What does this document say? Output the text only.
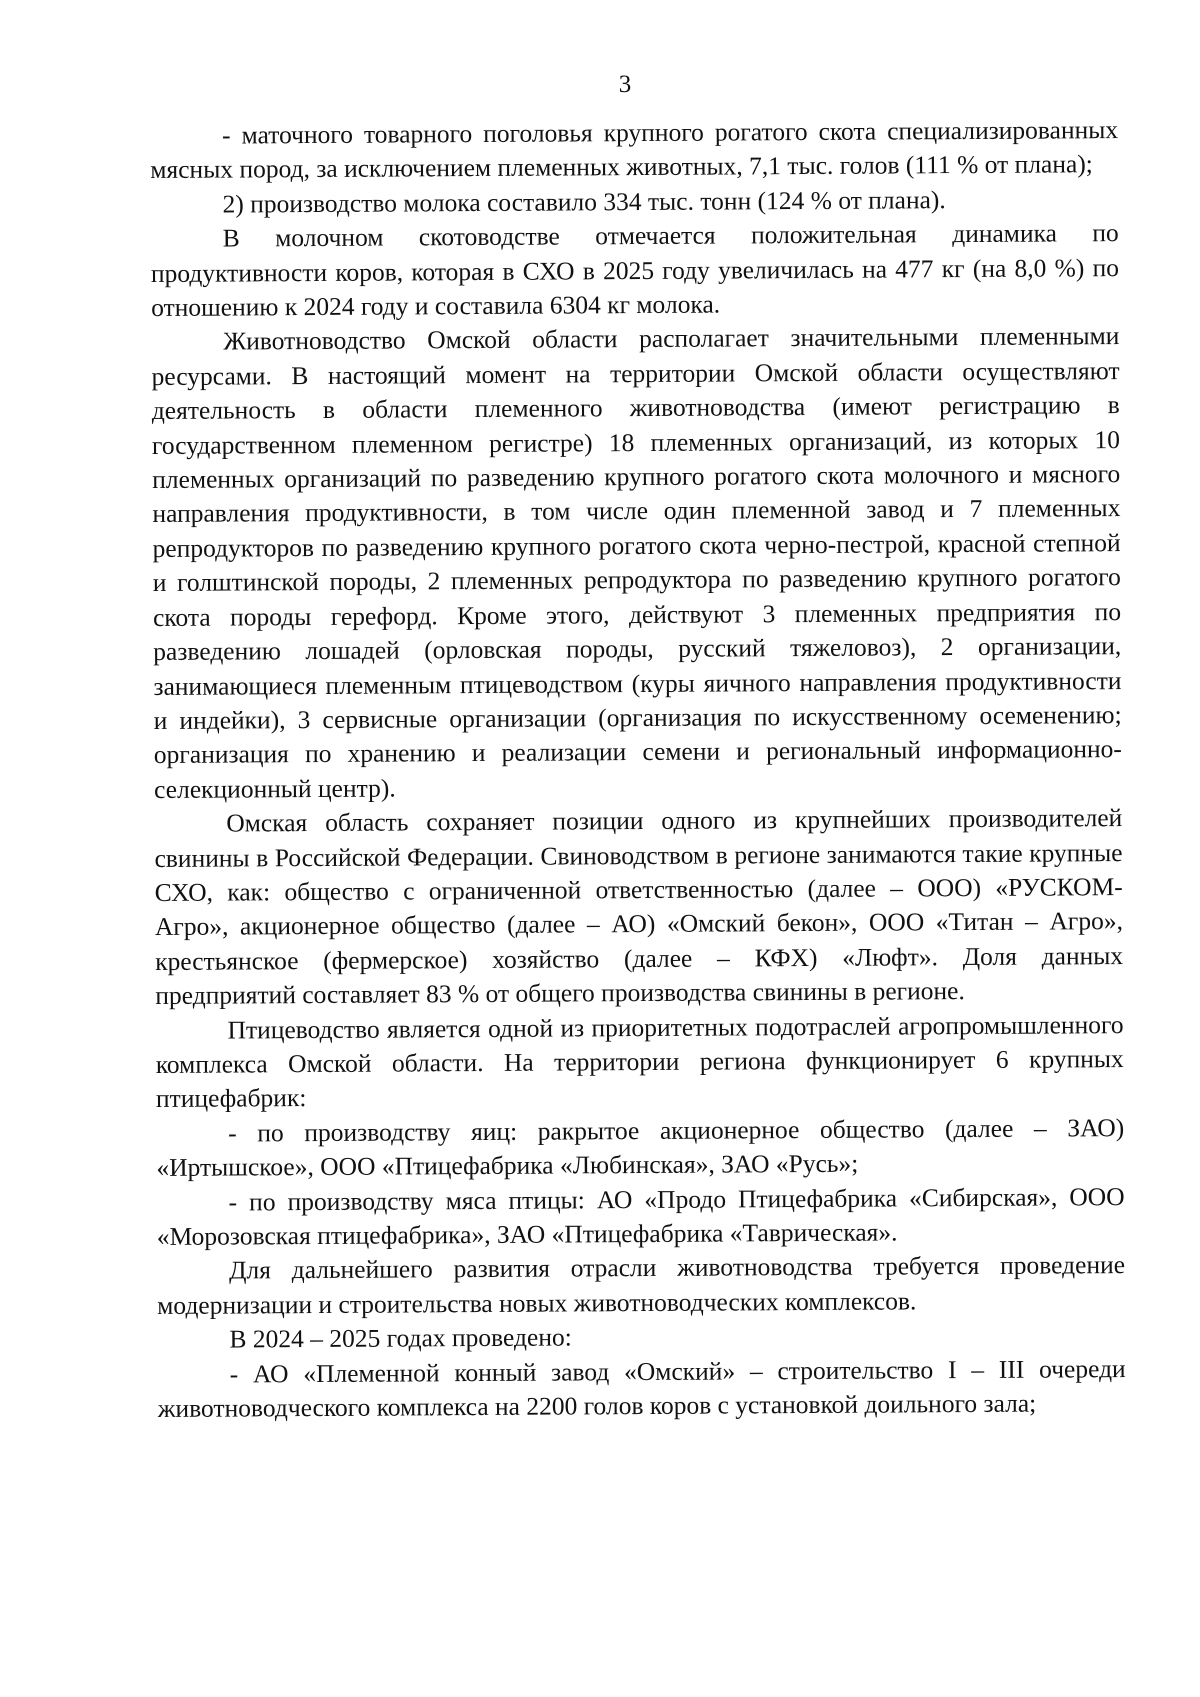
3

- маточного товарного поголовья крупного рогатого скота специализированных мясных пород, за исключением племенных животных, 7,1 тыс. голов (111 % от плана);

2) производство молока составило 334 тыс. тонн (124 % от плана).

В молочном скотоводстве отмечается положительная динамика по продуктивности коров, которая в СХО в 2025 году увеличилась на 477 кг (на 8,0 %) по отношению к 2024 году и составила 6304 кг молока.

Животноводство Омской области располагает значительными племенными ресурсами. В настоящий момент на территории Омской области осуществляют деятельность в области племенного животноводства (имеют регистрацию в государственном племенном регистре) 18 племенных организаций, из которых 10 племенных организаций по разведению крупного рогатого скота молочного и мясного направления продуктивности, в том числе один племенной завод и 7 племенных репродукторов по разведению крупного рогатого скота черно-пестрой, красной степной и голштинской породы, 2 племенных репродуктора по разведению крупного рогатого скота породы герефорд. Кроме этого, действуют 3 племенных предприятия по разведению лошадей (орловская породы, русский тяжеловоз), 2 организации, занимающиеся племенным птицеводством (куры яичного направления продуктивности и индейки), 3 сервисные организации (организация по искусственному осеменению; организация по хранению и реализации семени и региональный информационно-селекционный центр).

Омская область сохраняет позиции одного из крупнейших производителей свинины в Российской Федерации. Свиноводством в регионе занимаются такие крупные СХО, как: общество с ограниченной ответственностью (далее – ООО) «РУСКОМ-Агро», акционерное общество (далее – АО) «Омский бекон», ООО «Титан – Агро», крестьянское (фермерское) хозяйство (далее – КФХ) «Люфт». Доля данных предприятий составляет 83 % от общего производства свинины в регионе.

Птицеводство является одной из приоритетных подотраслей агропромышленного комплекса Омской области. На территории региона функционирует 6 крупных птицефабрик:

- по производству яиц: ракрытое акционерное общество (далее – ЗАО) «Иртышское», ООО «Птицефабрика «Любинская», ЗАО «Русь»;

- по производству мяса птицы: АО «Продо Птицефабрика «Сибирская», ООО «Морозовская птицефабрика», ЗАО «Птицефабрика «Таврическая».

Для дальнейшего развития отрасли животноводства требуется проведение модернизации и строительства новых животноводческих комплексов.

В 2024 – 2025 годах проведено:

- АО «Племенной конный завод «Омский» – строительство I – III очереди животноводческого комплекса на 2200 голов коров с установкой доильного зала;
